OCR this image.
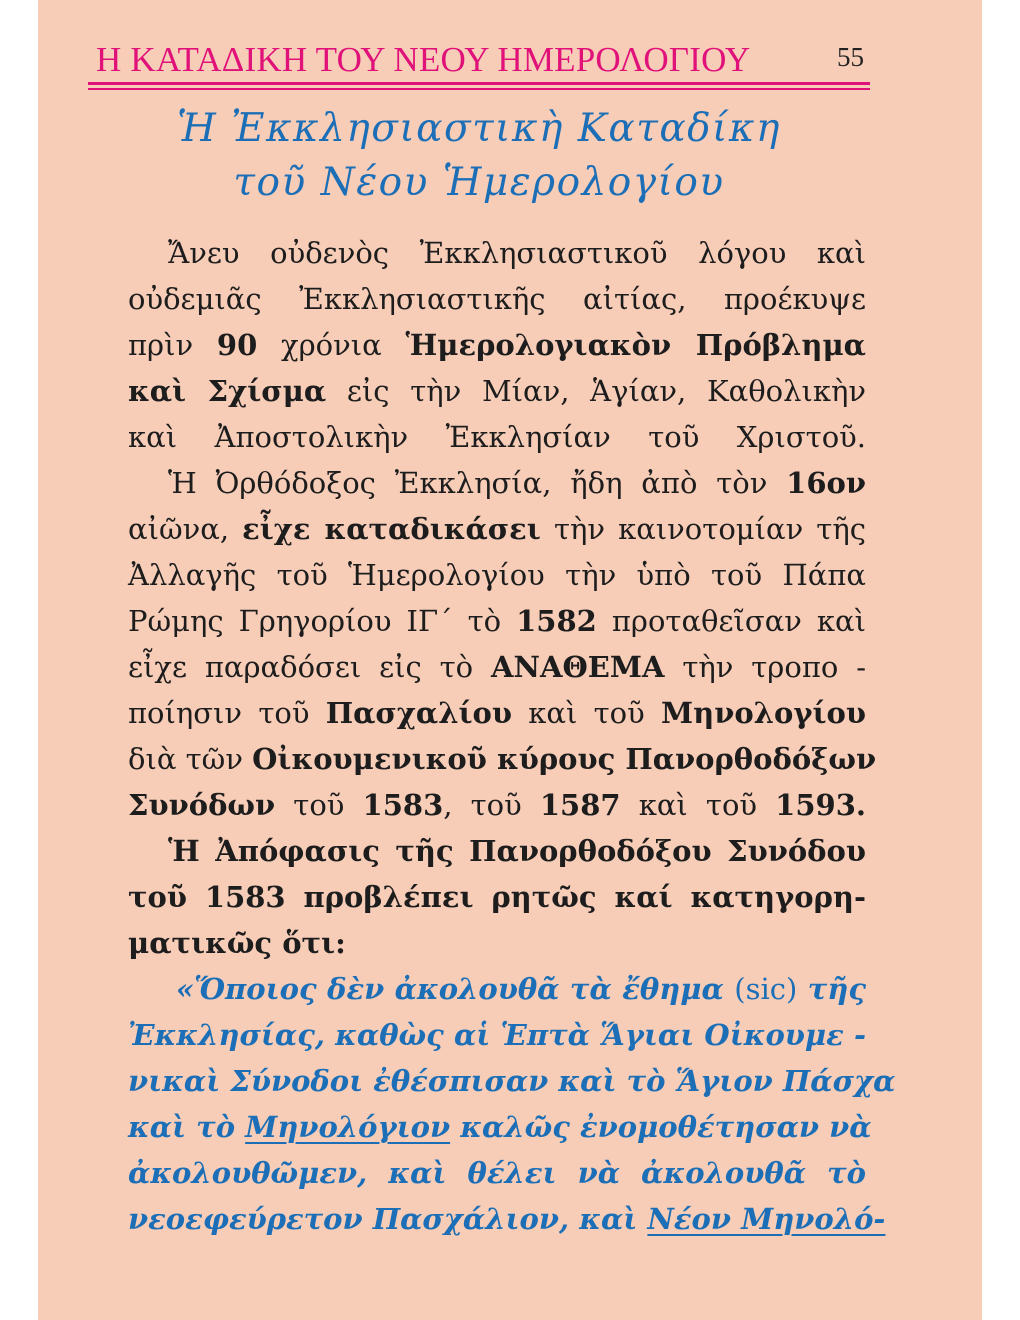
Η ΚΑΤΑΔΙΚΗ ΤΟΥ ΝΕΟΥ ΗΜΕΡΟΛΟΓΙΟΥ	55
Ἡ Ἐκκλησιαστικὴ Καταδίκη
τοῦ Νέου Ἡμερολογίου
Ἄνευ οὐδενὸς Ἐκκλησιαστικοῦ λόγου καὶ
οὐδεμιᾶς Ἐκκλησιαστικῆς αἰτίας, προέκυψε
πρὶν 90 χρόνια Ἡμερολογιακὸν Πρόβλημα
καὶ Σχίσμα εἰς τὴν Μίαν, Ἁγίαν, Καθολικὴν
καὶ Ἀποστολικὴν Ἐκκλησίαν τοῦ Χριστοῦ.
Ἡ Ὀρθόδοξος Ἐκκλησία, ἤδη ἀπὸ τὸν 16ον
αἰῶνα, εἶχε καταδικάσει τὴν καινοτομίαν τῆς
Ἀλλαγῆς τοῦ Ἡμερολογίου τὴν ὑπὸ τοῦ Πάπα
Ρώμης Γρηγορίου ΙΓ΄ τὸ 1582 προταθεῖσαν καὶ
εἶχε παραδόσει εἰς τὸ ΑΝΑΘΕΜΑ τὴν τροπο -
ποίησιν τοῦ Πασχαλίου καὶ τοῦ Μηνολογίου
διὰ τῶν Οἰκουμενικοῦ κύρους Πανορθοδόξων
Συνόδων τοῦ 1583, τοῦ 1587 καὶ τοῦ 1593.
Ἡ Ἀπόφασις τῆς Πανορθοδόξου Συνόδου
τοῦ 1583 προβλέπει ρητῶς καί κατηγορη-
ματικῶς ὅτι:
«Ὅποιος δὲν ἀκολουθᾶ τὰ ἔθημα (sic) τῆς
Ἐκκλησίας, καθὼς αἱ Ἑπτὰ Ἅγιαι Οἰκουμε -
νικαὶ Σύνοδοι ἐθέσπισαν καὶ τὸ Ἅγιον Πάσχα
καὶ τὸ Μηνολόγιον καλῶς ἐνομοθέτησαν νὰ
ἀκολουθῶμεν, καὶ θέλει νὰ ἀκολουθᾶ τὸ
νεοεφεύρετον Πασχάλιον, καὶ Νέον Μηνολό-
